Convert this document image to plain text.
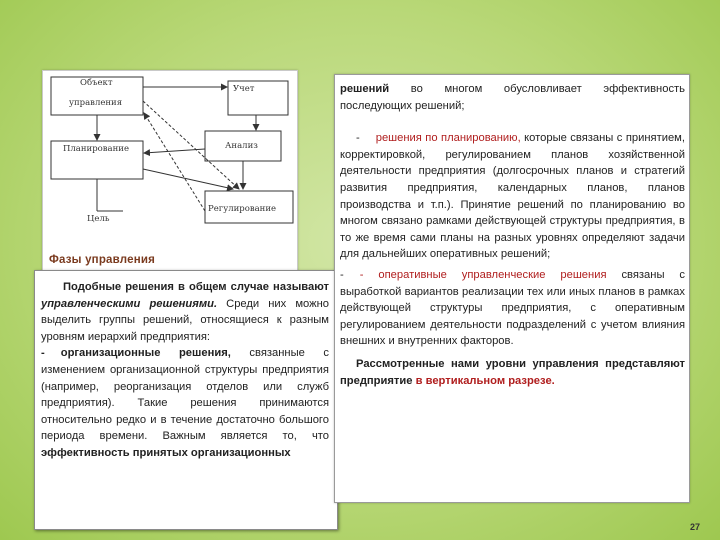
Объект
управления
Учет
Планирование	Анализ
Регулирование
Цель
Фазы управления

Подобные решения в общем случае называют управленческими решениями. Среди них можно выделить группы решений, относящиеся к разным уровням иерархий предприятия:

- организационные решения, связанные с изменением организационной структуры предприятия (например, реорганизация отделов или служб предприятия). Такие решения принимаются относительно редко и в течение достаточно большого периода времени. Важным является то, что эффективность принятых организационных

решений во многом обусловливает эффективность последующих решений;

- решения по планированию, которые связаны с принятием, корректировкой, регулированием планов хозяйственной деятельности предприятия (долгосрочных планов и стратегий развития предприятия, календарных планов, планов производства и т.п.). Принятие решений по планированию во многом связано рамками действующей структуры предприятия, в то же время сами планы на разных уровнях определяют задачи для дальнейших оперативных решений;

- - оперативные управленческие решения связаны с выработкой вариантов реализации тех или иных планов в рамках действующей структуры предприятия, с оперативным регулированием деятельности подразделений с учетом влияния внешних и внутренних факторов.

Рассмотренные нами уровни управления представляют предприятие в вертикальном разрезе.

27
